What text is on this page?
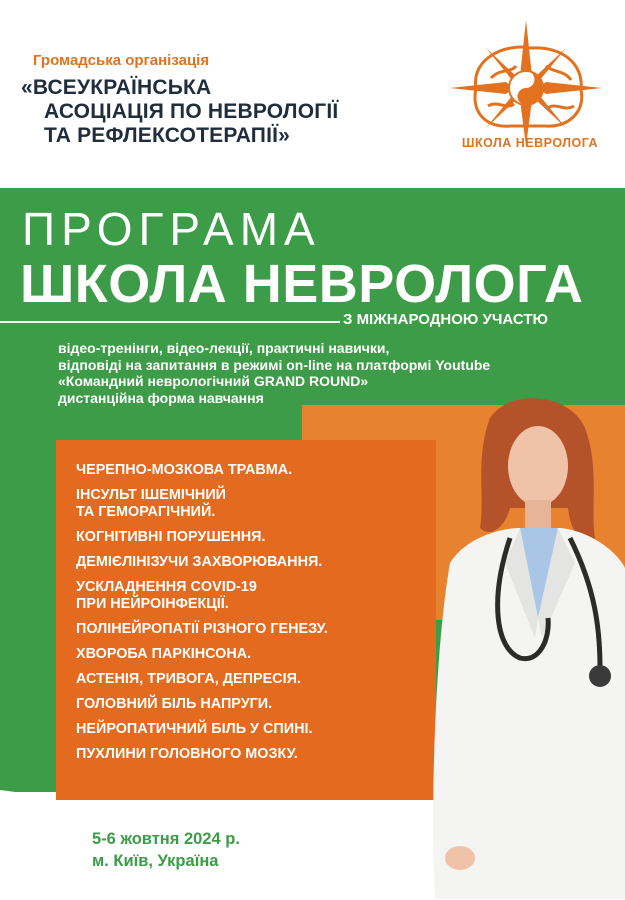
Громадська організація
«ВСЕУКРАЇНСЬКА
АСОЦІАЦІЯ ПО НЕВРОЛОГІЇ
ТА РЕФЛЕКСОТЕРАПІЇ»	ШКОЛА НЕВРОЛОГА
ПРОГРАМА
ШКОЛА НЕВРОЛОГА
З МІЖНАРОДНОЮ УЧАСТЮ
відео-тренінги, відео-лекції, практичні навички,
відповіді на запитання в режимі on-line на платформі Youtube
«Командний неврологічний GRAND ROUND»
дистанційна форма навчання
ЧЕРЕПНО-МОЗКОВА ТРАВМА.
ІНСУЛЬТ ІШЕМІЧНИЙ
ТА ГЕМОРАГІЧНИЙ.
КОГНІТИВНІ ПОРУШЕННЯ.
ДЕМІЄЛІНІЗУЧИ ЗАХВОРЮВАННЯ.
УСКЛАДНЕННЯ COVID-19
ПРИ НЕЙРОІНФЕКЦІЇ.
ПОЛІНЕЙРОПАТІЇ РІЗНОГО ГЕНЕЗУ.
ХВОРОБА ПАРКІНСОНА.
АСТЕНІЯ, ТРИВОГА, ДЕПРЕСІЯ.
ГОЛОВНИЙ БІЛЬ НАПРУГИ.
НЕЙРОПАТИЧНИЙ БІЛЬ У СПИНІ.
ПУХЛИНИ ГОЛОВНОГО МОЗКУ.
5-6 жовтня 2024 р.
м. Київ, Україна
